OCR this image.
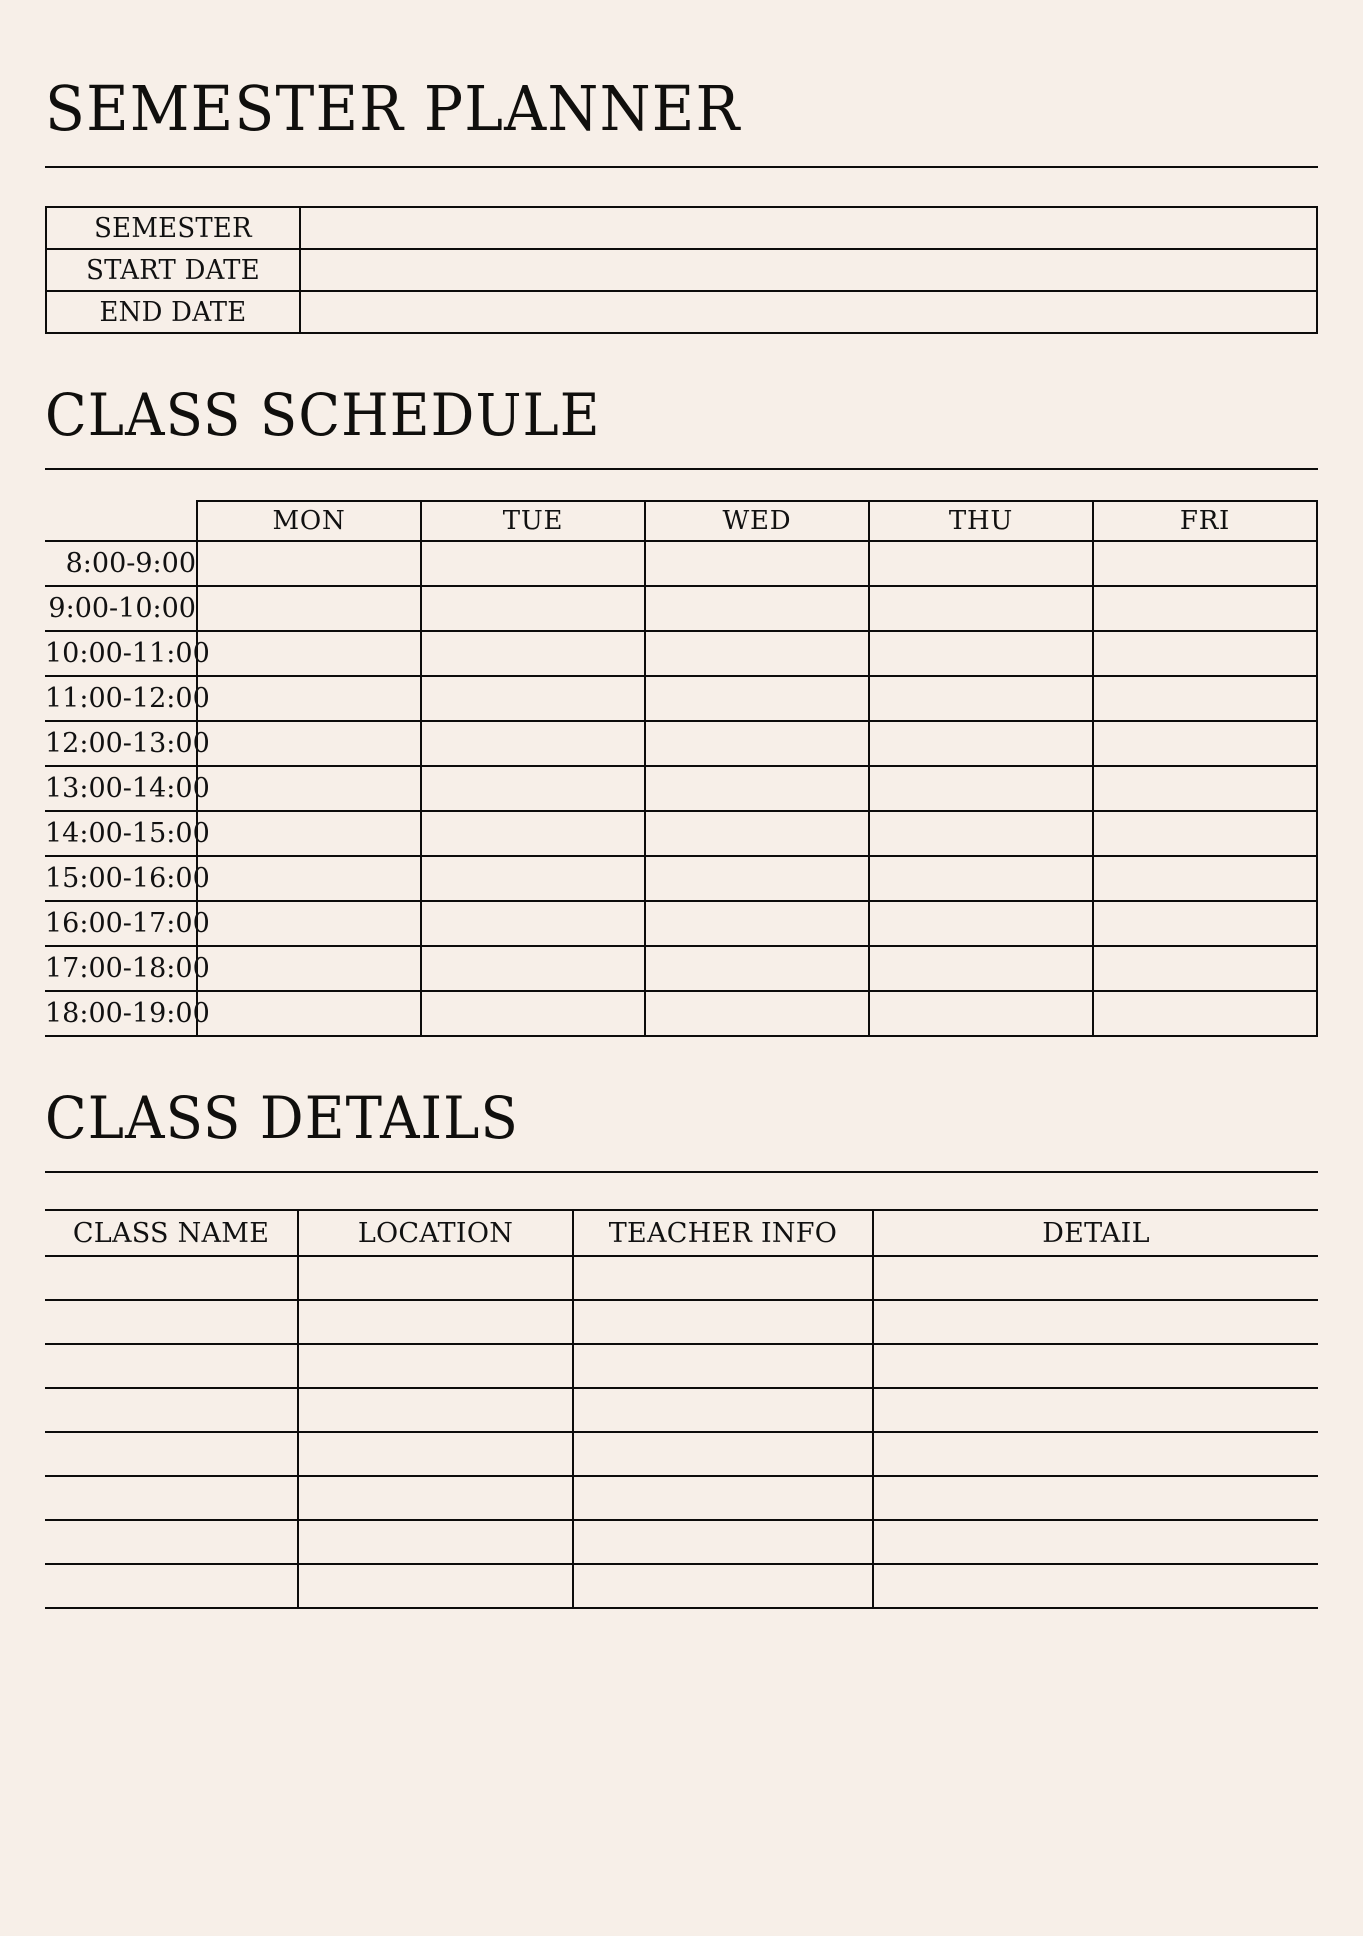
SEMESTER PLANNER
SEMESTER	
START DATE	
END DATE	
CLASS SCHEDULE
	MON	TUE	WED	THU	FRI
8:00-9:00					
9:00-10:00					
10:00-11:00					
11:00-12:00					
12:00-13:00					
13:00-14:00					
14:00-15:00					
15:00-16:00					
16:00-17:00					
17:00-18:00					
18:00-19:00					
CLASS DETAILS
CLASS NAME	LOCATION	TEACHER INFO	DETAIL
